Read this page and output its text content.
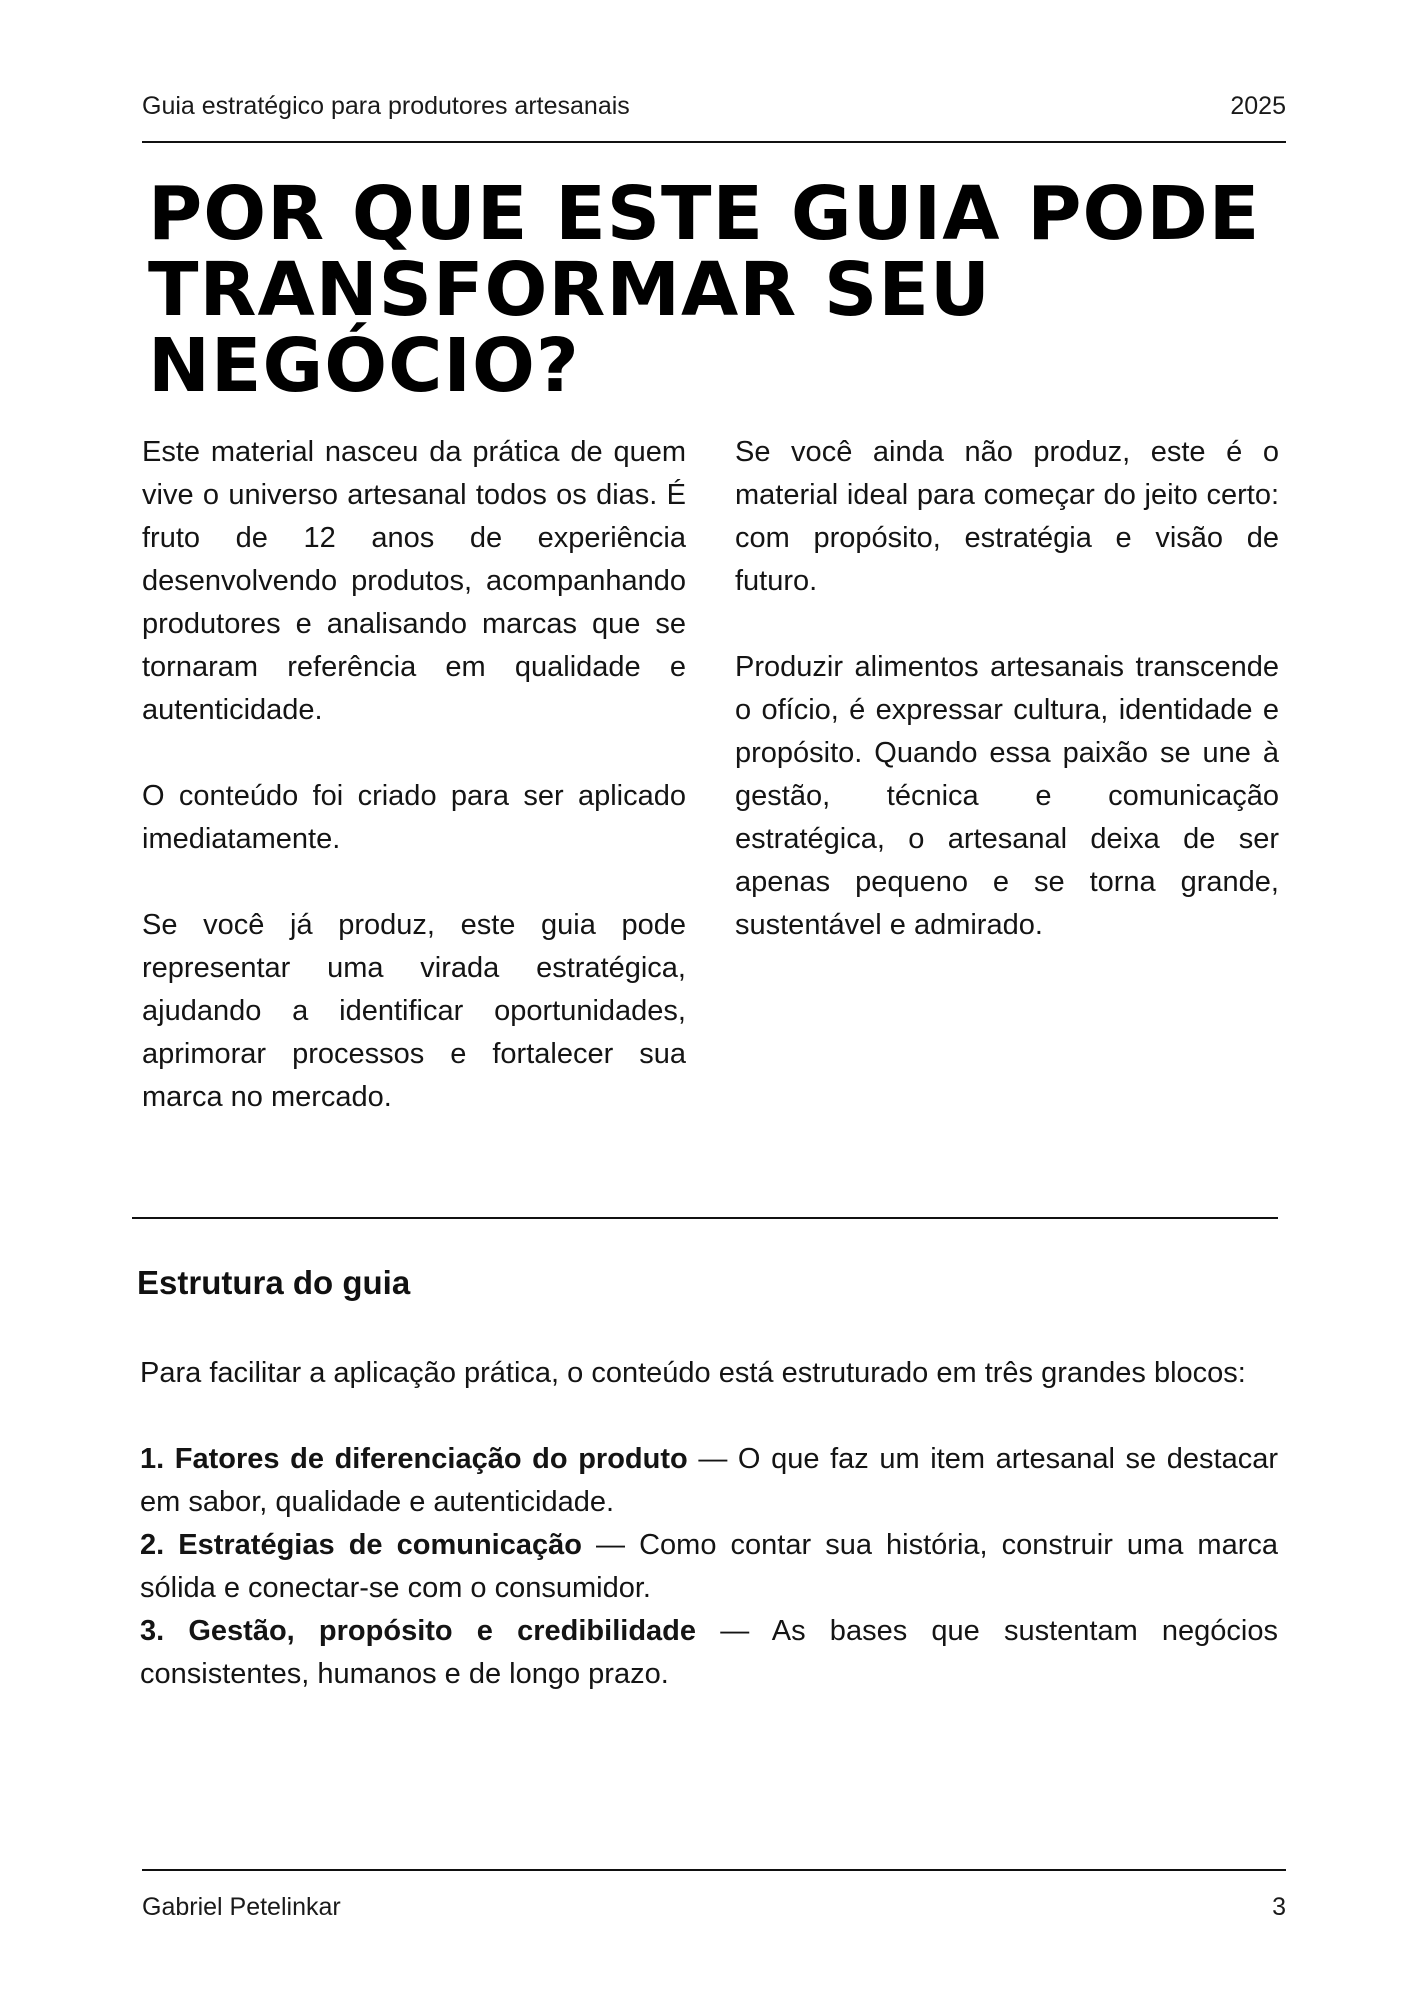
Guia estratégico para produtores artesanais	2025
POR QUE ESTE GUIA PODE
TRANSFORMAR SEU
NEGÓCIO?

Este material nasceu da prática de quem vive o universo artesanal todos os dias. É fruto de 12 anos de experiência desenvolvendo produtos, acompanhando produtores e analisando marcas que se tornaram referência em qualidade e autenticidade.

O conteúdo foi criado para ser aplicado imediatamente.

Se você já produz, este guia pode representar uma virada estratégica, ajudando a identificar oportunidades, aprimorar processos e fortalecer sua marca no mercado.

Se você ainda não produz, este é o material ideal para começar do jeito certo: com propósito, estratégia e visão de futuro.

Produzir alimentos artesanais transcende o ofício, é expressar cultura, identidade e propósito. Quando essa paixão se une à gestão, técnica e comunicação estratégica, o artesanal deixa de ser apenas pequeno e se torna grande, sustentável e admirado.

Estrutura do guia

Para facilitar a aplicação prática, o conteúdo está estruturado em três grandes blocos:

1. Fatores de diferenciação do produto — O que faz um item artesanal se destacar em sabor, qualidade e autenticidade.

2. Estratégias de comunicação — Como contar sua história, construir uma marca sólida e conectar-se com o consumidor.

3. Gestão, propósito e credibilidade — As bases que sustentam negócios consistentes, humanos e de longo prazo.

Gabriel Petelinkar	3
